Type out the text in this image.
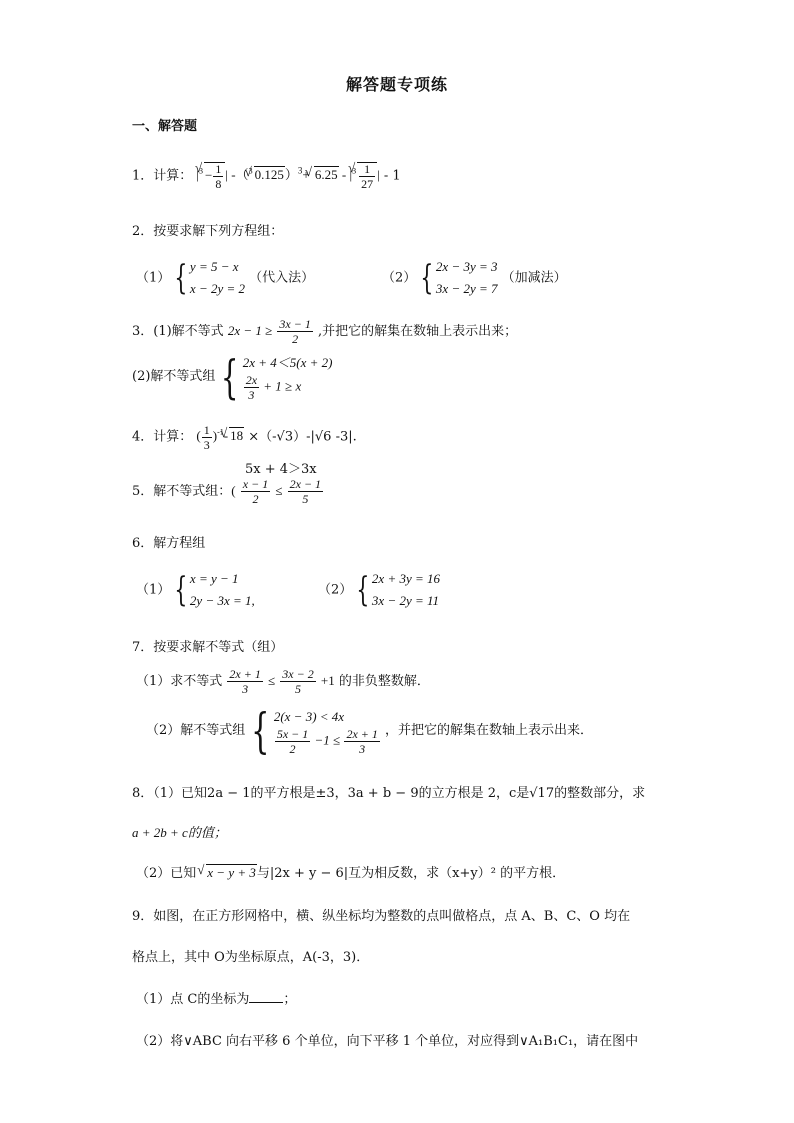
解答题专项练
一、解答题
1．计算： $|^3√ - \frac{1}{8}$ | -（$^3$√ 0.125）$^3$+ √ $6.25 - |^3$
√ $\frac{1}{27}$ | - 1
2．按要求解下列方程组：
（1） { y = 5 − x
x − 2y = 2
（代入法）	（2） { 2x − 3y = 3
3x − 2y = 7
（加减法）
3．(1)解不等式 $2x - 1 \ge \frac{3x - 1}{2}$ ,并把它的解集在数轴上表示出来；
(2)解不等式组 { 2x + 4＜5(x + 2)
$\frac{2x}{3} + 1 \ge x$
4．计算： ( $\frac{1}{3} )^{-1}-√$ 18 ×（-√3）-|√6 -3|.
5x + 4＞3x
5．解不等式组：( $\frac{x - 1}{2} \le \frac{2x - 1}{5}$
6．解方程组
（1） { x = y − 1
2y − 3x = 1,
（2） { 2x + 3y = 16
3x − 2y = 11
7．按要求解不等式（组）
（1）求不等式 $\frac{2x + 1}{3} \le \frac{3x - 2}{5} +1$ 的非负整数解．
（2）解不等式组 { 2(x − 3) < 4x
$\frac{5x - 1}{2} -1 \le \frac{2x + 1}{3}$ ，并把它的解集在数轴上表示出来．
8．（1）已知2a − 1的平方根是±3，3a + b − 9的立方根是 2，c是√17的整数部分，求
a + 2b + c的值；
（2）已知√ x − y + 3与|2x + y − 6|互为相反数，求（x+y）² 的平方根．
9．如图，在正方形网格中，横、纵坐标均为整数的点叫做格点，点 A、B、C、O 均在
格点上，其中 O为坐标原点，A(-3，3)．
（1）点 C的坐标为	；
（2）将∨ABC 向右平移 6 个单位，向下平移 1 个单位，对应得到∨A₁B₁C₁，请在图中
